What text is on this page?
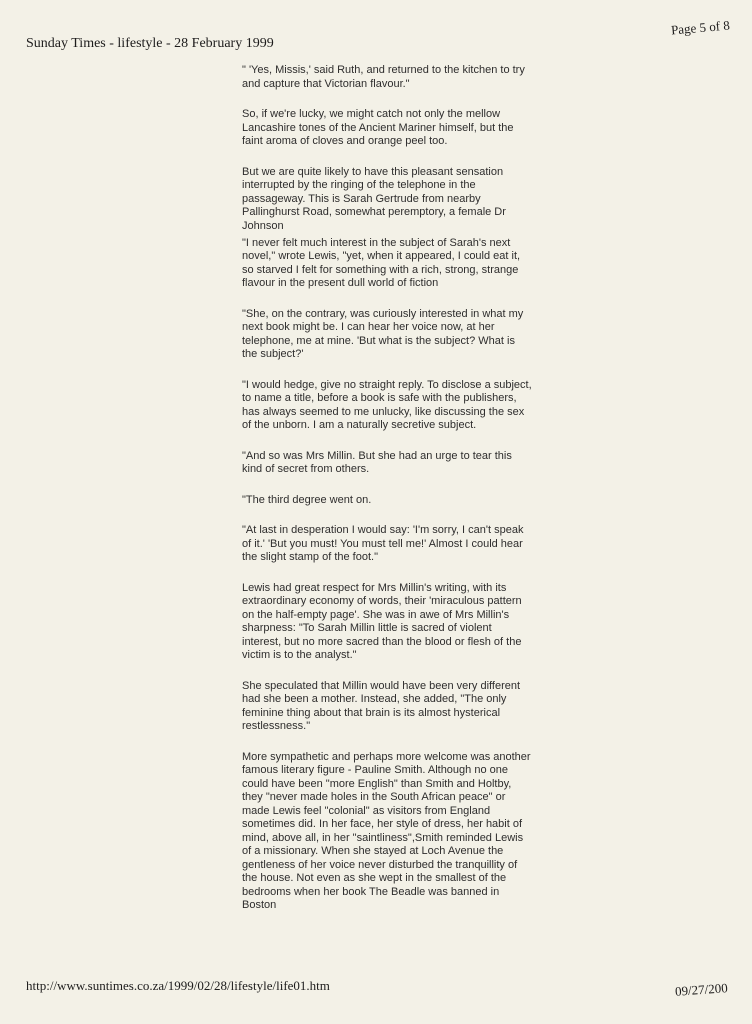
Sunday Times - lifestyle - 28 February 1999
Page 5 of 8

" 'Yes, Missis,' said Ruth, and returned to the kitchen to try and capture that Victorian flavour."

So, if we're lucky, we might catch not only the mellow Lancashire tones of the Ancient Mariner himself, but the faint aroma of cloves and orange peel too.

But we are quite likely to have this pleasant sensation interrupted by the ringing of the telephone in the passageway. This is Sarah Gertrude from nearby Pallinghurst Road, somewhat peremptory, a female Dr Johnson

"I never felt much interest in the subject of Sarah's next novel," wrote Lewis, "yet, when it appeared, I could eat it, so starved I felt for something with a rich, strong, strange flavour in the present dull world of fiction

"She, on the contrary, was curiously interested in what my next book might be. I can hear her voice now, at her telephone, me at mine. 'But what is the subject? What is the subject?'

"I would hedge, give no straight reply. To disclose a subject, to name a title, before a book is safe with the publishers, has always seemed to me unlucky, like discussing the sex of the unborn. I am a naturally secretive subject.

"And so was Mrs Millin. But she had an urge to tear this kind of secret from others.

"The third degree went on.

"At last in desperation I would say: 'I'm sorry, I can't speak of it.' 'But you must! You must tell me!' Almost I could hear the slight stamp of the foot."

Lewis had great respect for Mrs Millin's writing, with its extraordinary economy of words, their 'miraculous pattern on the half-empty page'. She was in awe of Mrs Millin's sharpness: "To Sarah Millin little is sacred of violent interest, but no more sacred than the blood or flesh of the victim is to the analyst."

She speculated that Millin would have been very different had she been a mother. Instead, she added, "The only feminine thing about that brain is its almost hysterical restlessness."

More sympathetic and perhaps more welcome was another famous literary figure - Pauline Smith. Although no one could have been "more English" than Smith and Holtby, they "never made holes in the South African peace" or made Lewis feel "colonial" as visitors from England sometimes did. In her face, her style of dress, her habit of mind, above all, in her "saintliness",Smith reminded Lewis of a missionary. When she stayed at Loch Avenue the gentleness of her voice never disturbed the tranquillity of the house. Not even as she wept in the smallest of the bedrooms when her book The Beadle was banned in Boston

http://www.suntimes.co.za/1999/02/28/lifestyle/life01.htm	09/27/200
